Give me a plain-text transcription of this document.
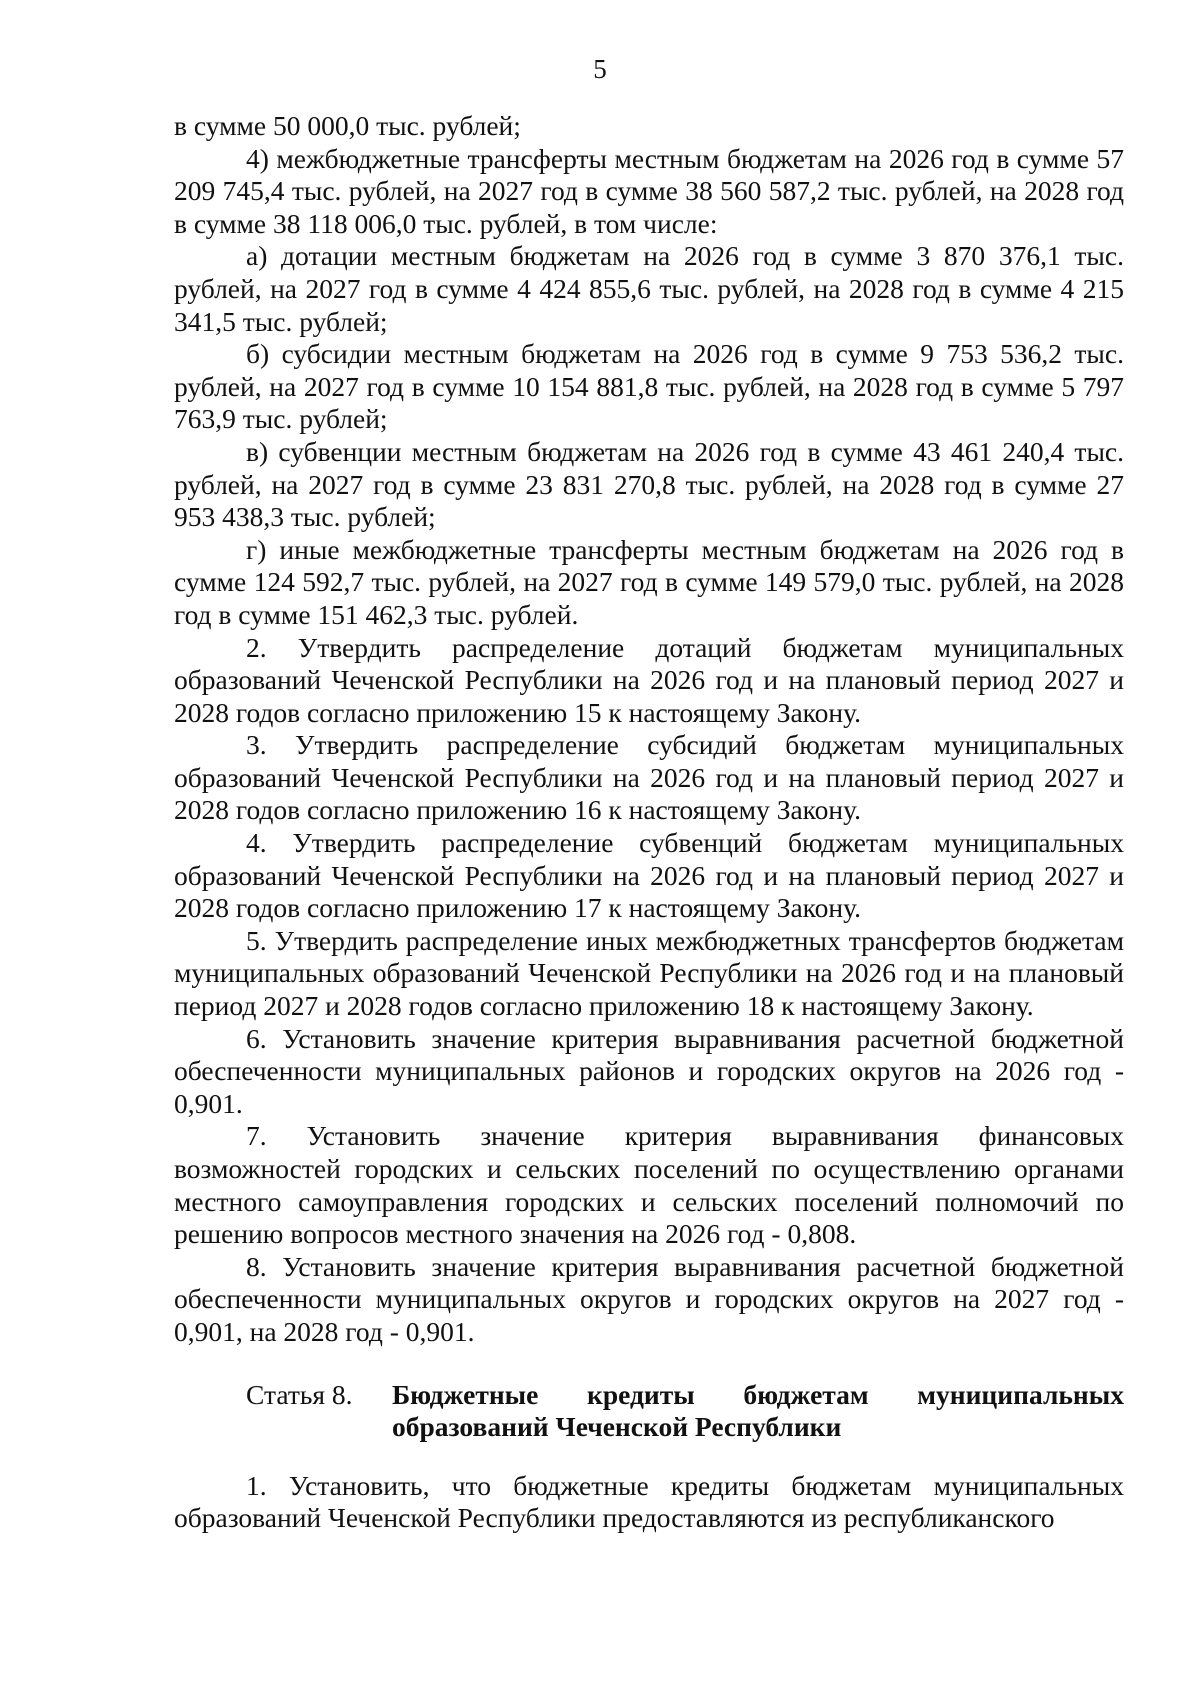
5

в сумме 50 000,0 тыс. рублей;

4) межбюджетные трансферты местным бюджетам на 2026 год в сумме 57 209 745,4 тыс. рублей, на 2027 год в сумме 38 560 587,2 тыс. рублей, на 2028 год в сумме 38 118 006,0 тыс. рублей, в том числе:

а) дотации местным бюджетам на 2026 год в сумме 3 870 376,1 тыс. рублей, на 2027 год в сумме 4 424 855,6 тыс. рублей, на 2028 год в сумме 4 215 341,5 тыс. рублей;

б) субсидии местным бюджетам на 2026 год в сумме 9 753 536,2 тыс. рублей, на 2027 год в сумме 10 154 881,8 тыс. рублей, на 2028 год в сумме 5 797 763,9 тыс. рублей;

в) субвенции местным бюджетам на 2026 год в сумме 43 461 240,4 тыс. рублей, на 2027 год в сумме 23 831 270,8 тыс. рублей, на 2028 год в сумме 27 953 438,3 тыс. рублей;

г) иные межбюджетные трансферты местным бюджетам на 2026 год в сумме 124 592,7 тыс. рублей, на 2027 год в сумме 149 579,0 тыс. рублей, на 2028 год в сумме 151 462,3 тыс. рублей.

2. Утвердить распределение дотаций бюджетам муниципальных образований Чеченской Республики на 2026 год и на плановый период 2027 и 2028 годов согласно приложению 15 к настоящему Закону.

3. Утвердить распределение субсидий бюджетам муниципальных образований Чеченской Республики на 2026 год и на плановый период 2027 и 2028 годов согласно приложению 16 к настоящему Закону.

4. Утвердить распределение субвенций бюджетам муниципальных образований Чеченской Республики на 2026 год и на плановый период 2027 и 2028 годов согласно приложению 17 к настоящему Закону.

5. Утвердить распределение иных межбюджетных трансфертов бюджетам муниципальных образований Чеченской Республики на 2026 год и на плановый период 2027 и 2028 годов согласно приложению 18 к настоящему Закону.

6. Установить значение критерия выравнивания расчетной бюджетной обеспеченности муниципальных районов и городских округов на 2026 год - 0,901.

7. Установить значение критерия выравнивания финансовых возможностей городских и сельских поселений по осуществлению органами местного самоуправления городских и сельских поселений полномочий по решению вопросов местного значения на 2026 год - 0,808.

8. Установить значение критерия выравнивания расчетной бюджетной обеспеченности муниципальных округов и городских округов на 2027 год - 0,901, на 2028 год - 0,901.

Статья 8.	Бюджетные кредиты бюджетам муниципальных образований Чеченской Республики

1. Установить, что бюджетные кредиты бюджетам муниципальных образований Чеченской Республики предоставляются из республиканского
